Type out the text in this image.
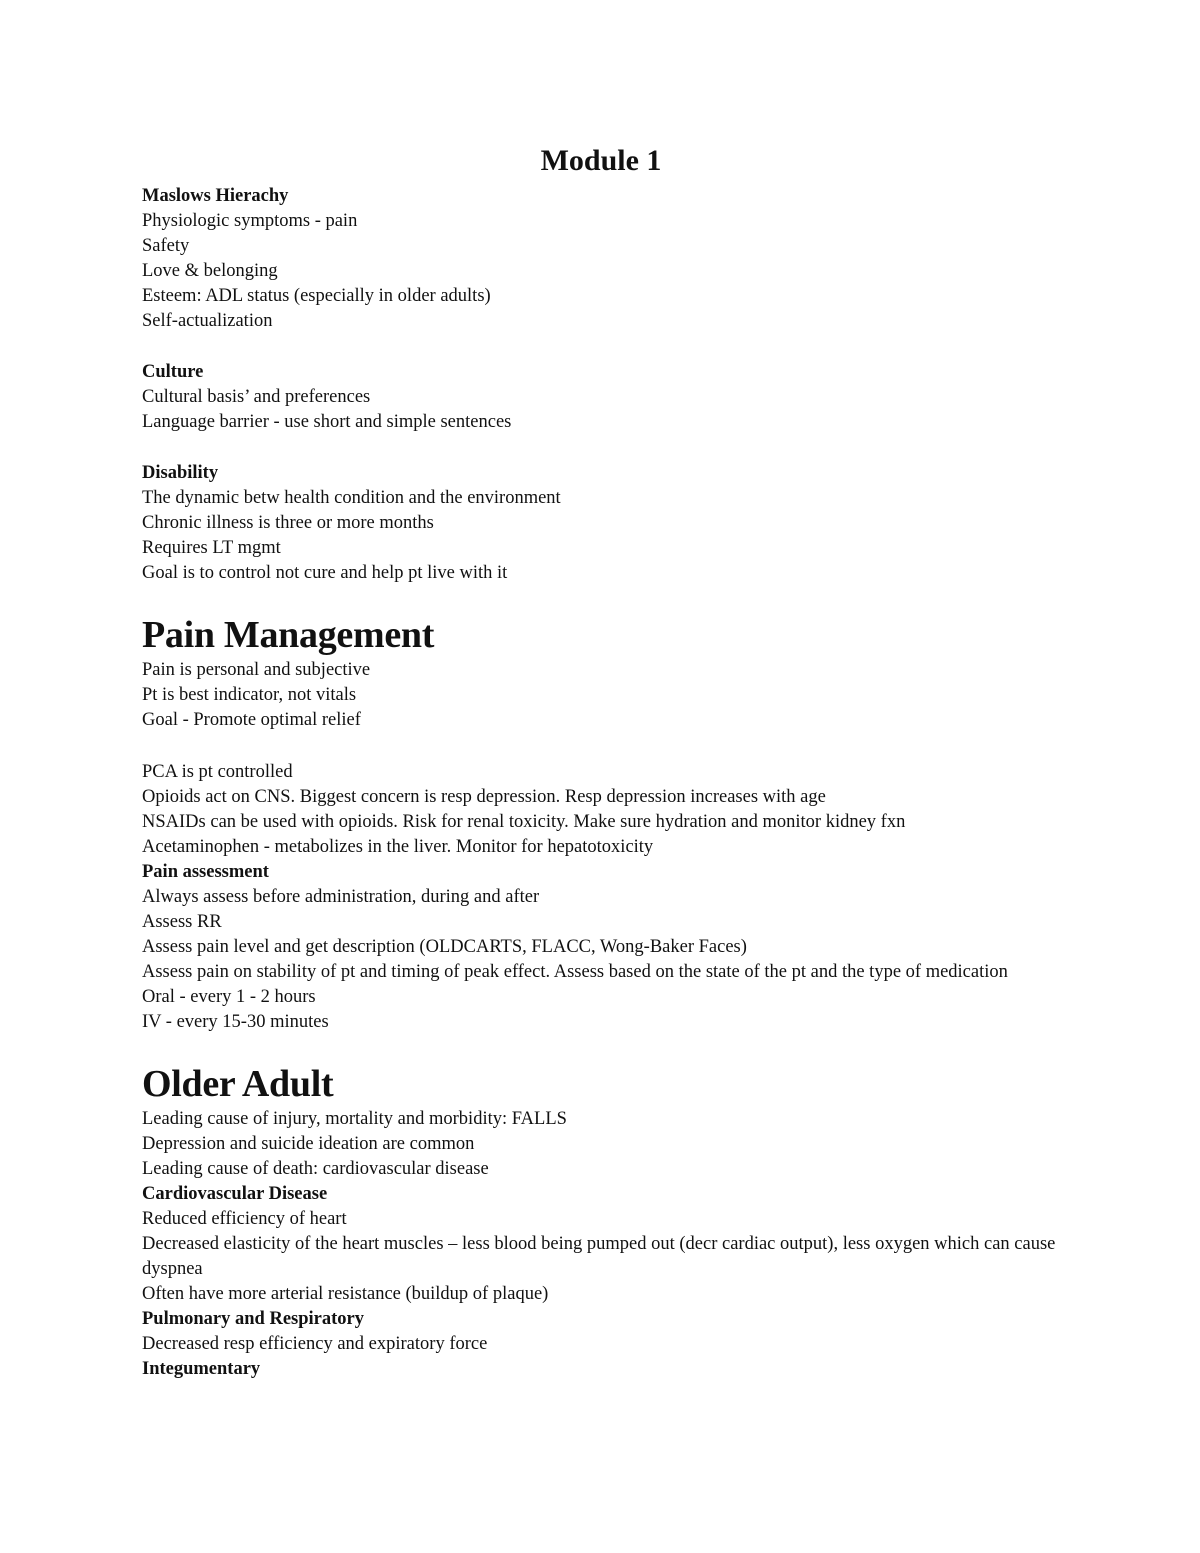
Module 1
Maslows Hierachy
Physiologic symptoms - pain
Safety
Love & belonging
Esteem: ADL status (especially in older adults)
Self-actualization
Culture
Cultural basis’ and preferences
Language barrier - use short and simple sentences
Disability
The dynamic betw health condition and the environment
Chronic illness is three or more months
Requires LT mgmt
Goal is to control not cure and help pt live with it
Pain Management
Pain is personal and subjective
Pt is best indicator, not vitals
Goal - Promote optimal relief
PCA is pt controlled
Opioids act on CNS. Biggest concern is resp depression. Resp depression increases with age
NSAIDs can be used with opioids. Risk for renal toxicity. Make sure hydration and monitor kidney fxn
Acetaminophen - metabolizes in the liver. Monitor for hepatotoxicity
Pain assessment
Always assess before administration, during and after
Assess RR
Assess pain level and get description (OLDCARTS, FLACC, Wong-Baker Faces)
Assess pain on stability of pt and timing of peak effect. Assess based on the state of the pt and the type of medication
Oral - every 1 - 2 hours
IV - every 15-30 minutes
Older Adult
Leading cause of injury, mortality and morbidity: FALLS
Depression and suicide ideation are common
Leading cause of death: cardiovascular disease
Cardiovascular Disease
Reduced efficiency of heart
Decreased elasticity of the heart muscles – less blood being pumped out (decr cardiac output), less oxygen which can cause dyspnea
Often have more arterial resistance (buildup of plaque)
Pulmonary and Respiratory
Decreased resp efficiency and expiratory force
Integumentary
